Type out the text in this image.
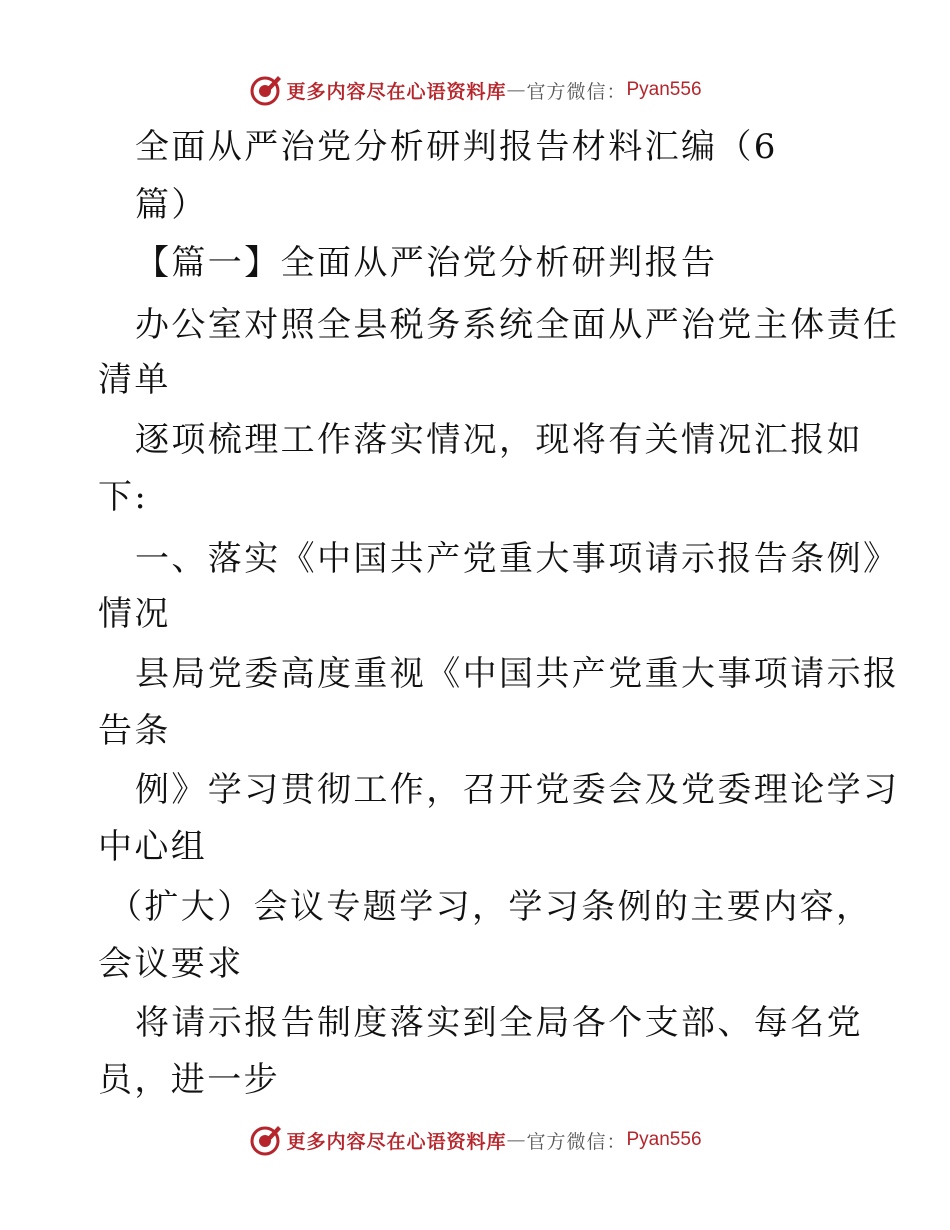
更多内容尽在心语资料库 — 官方微信： Pyan556
全面从严治党分析研判报告材料汇编（6
篇）
【篇一】全面从严治党分析研判报告
办公室对照全县税务系统全面从严治党主体责任
清单
逐项梳理工作落实情况，现将有关情况汇报如
下:
一、落实《中国共产党重大事项请示报告条例》
情况
县局党委高度重视《中国共产党重大事项请示报
告条
例》学习贯彻工作，召开党委会及党委理论学习
中心组
（扩大）会议专题学习，学习条例的主要内容，
会议要求
将请示报告制度落实到全局各个支部、每名党
员，进一步
更多内容尽在心语资料库 — 官方微信： Pyan556
